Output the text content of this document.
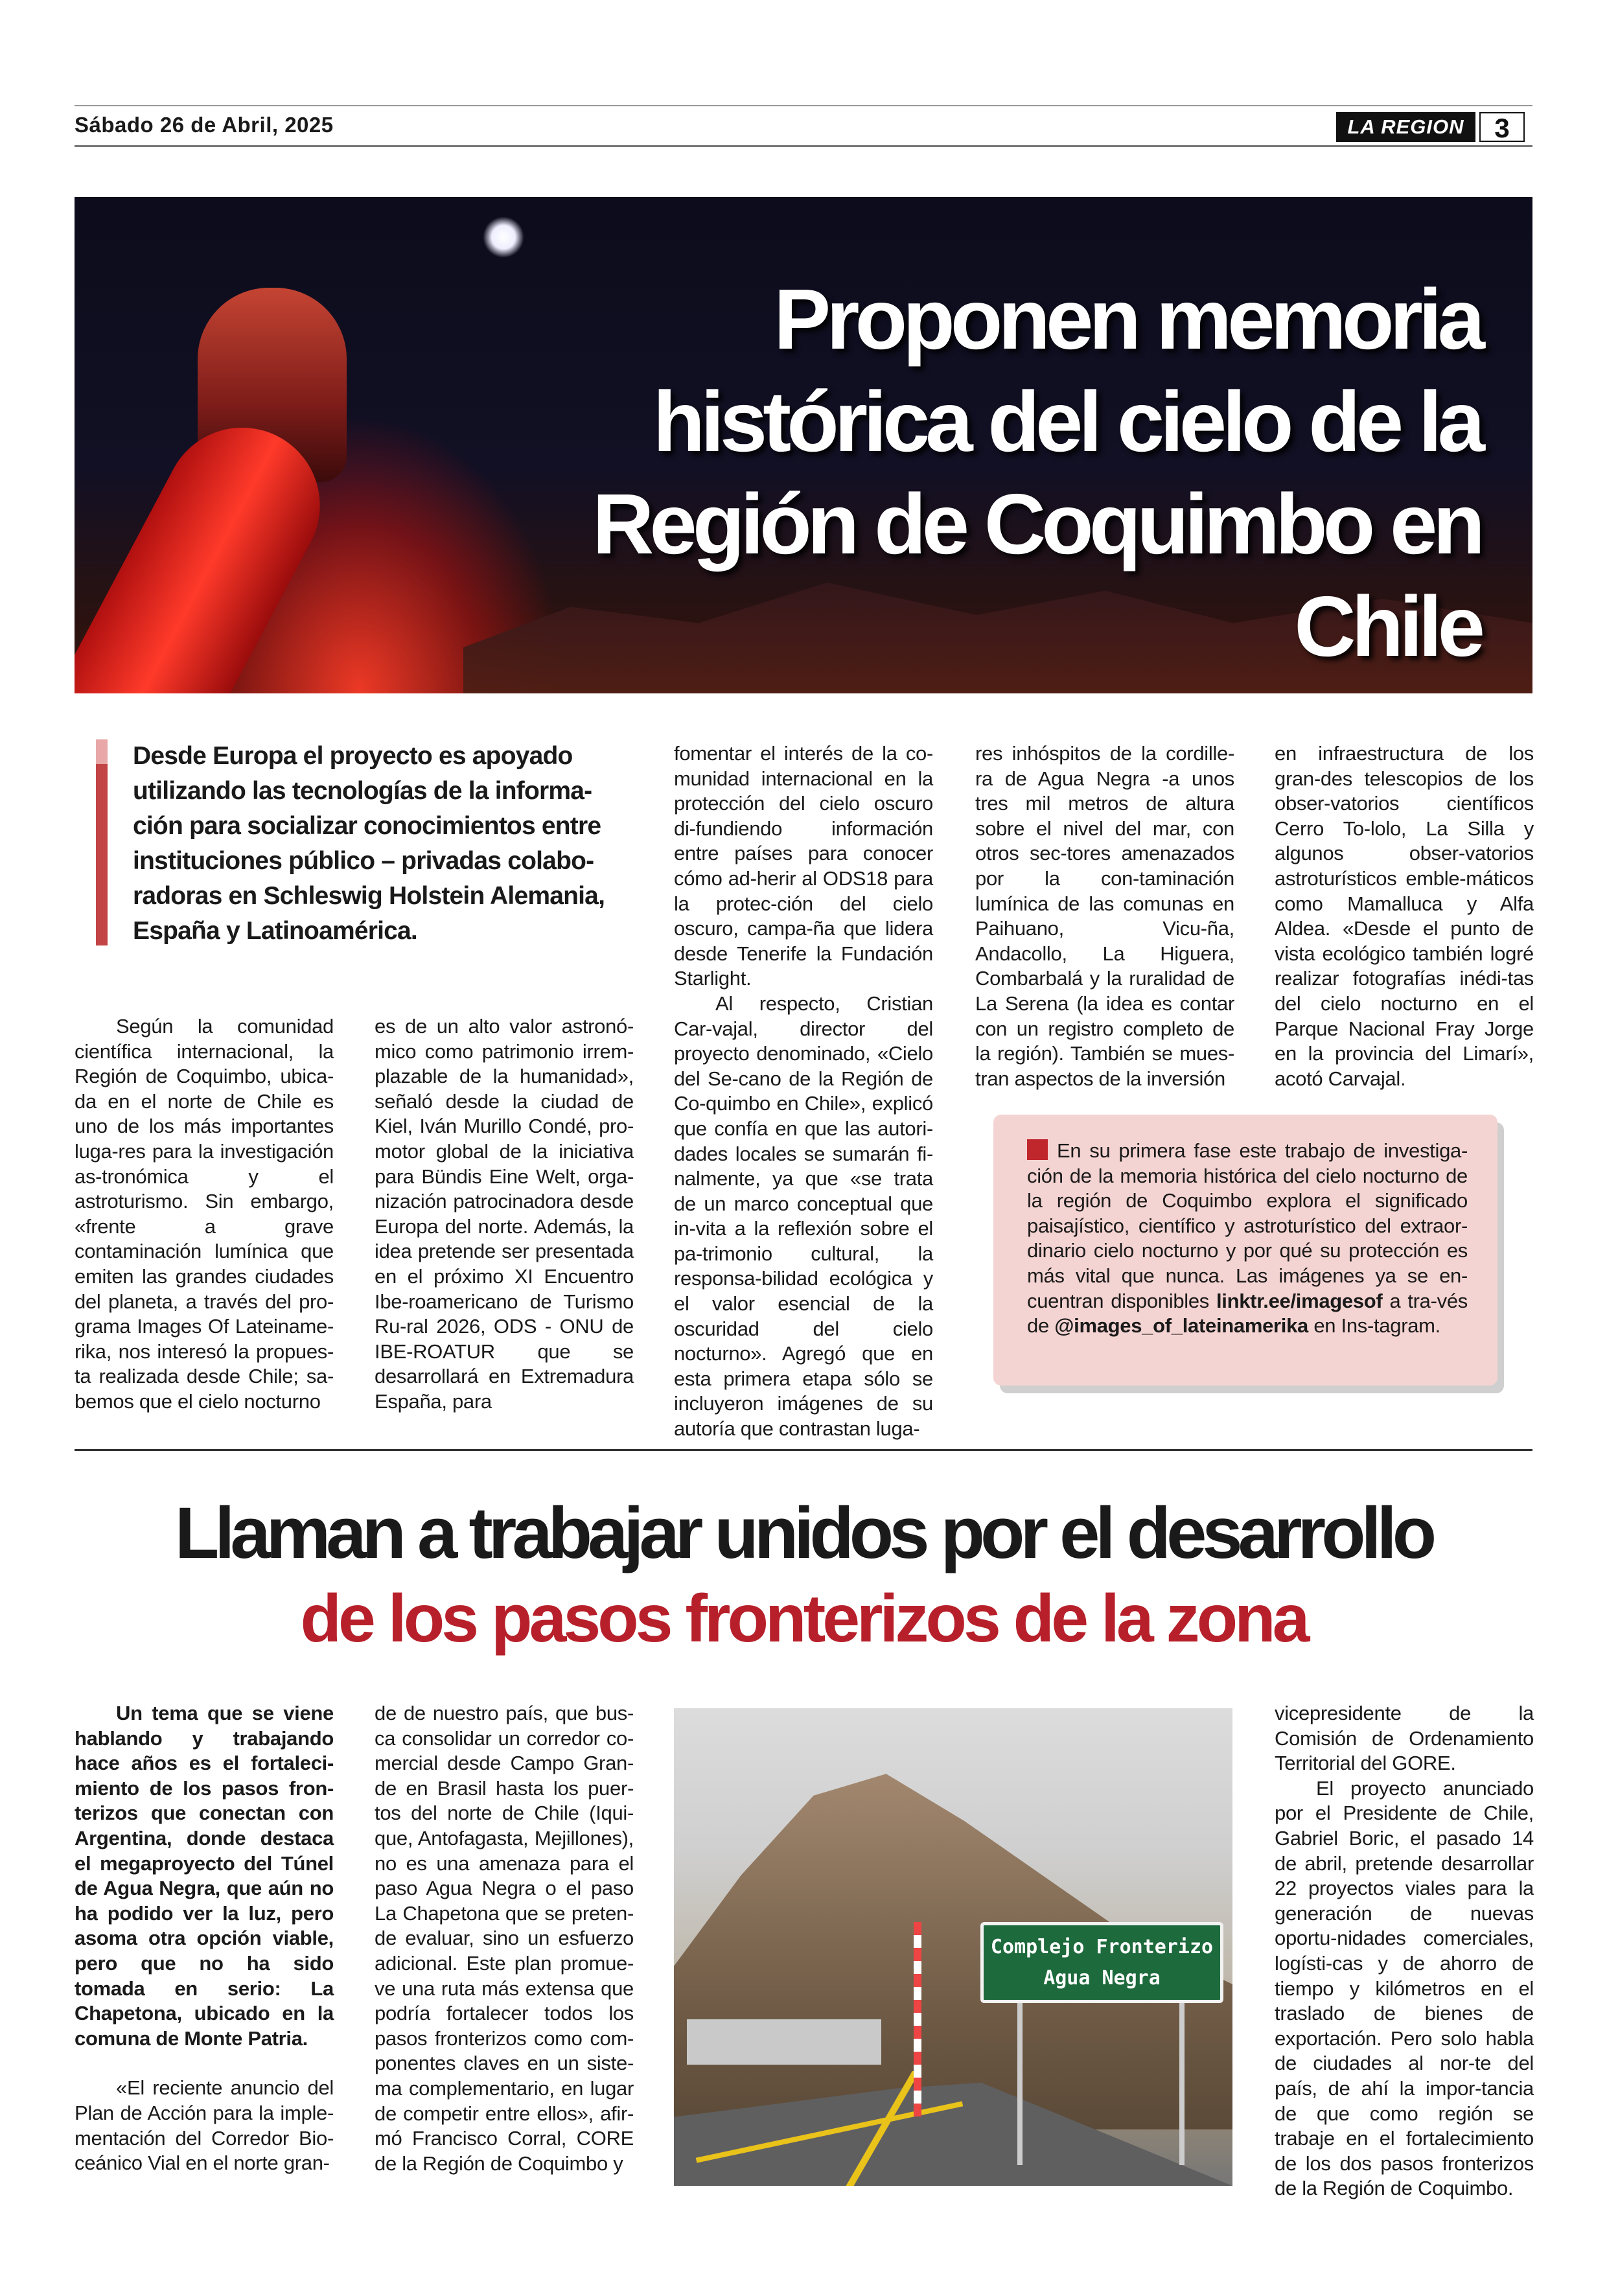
Sábado 26 de Abril, 2025	LA REGION	3
Proponen memoria histórica del cielo de la Región de Coquimbo en Chile
Desde Europa el proyecto es apoyado utilizando las tecnologías de la informa-ción para socializar conocimientos entre instituciones público – privadas colabo-radoras en Schleswig Holstein Alemania, España y Latinoamérica.

Según la comunidad científica internacional, la Región de Coquimbo, ubica-da en el norte de Chile es uno de los más importantes luga-res para la investigación as-tronómica y el astroturismo. Sin embargo, «frente a grave contaminación lumínica que emiten las grandes ciudades del planeta, a través del pro-grama Images Of Lateiname-rika, nos interesó la propues-ta realizada desde Chile; sa-bemos que el cielo nocturno

es de un alto valor astronó-mico como patrimonio irrem-plazable de la humanidad», señaló desde la ciudad de Kiel, Iván Murillo Condé, pro-motor global de la iniciativa para Bündis Eine Welt, orga-nización patrocinadora desde Europa del norte. Además, la idea pretende ser presentada en el próximo XI Encuentro Ibe-roamericano de Turismo Ru-ral 2026, ODS - ONU de IBE-ROATUR que se desarrollará en Extremadura España, para

fomentar el interés de la co-munidad internacional en la protección del cielo oscuro di-fundiendo información entre países para conocer cómo ad-herir al ODS18 para la protec-ción del cielo oscuro, campa-ña que lidera desde Tenerife la Fundación Starlight.

Al respecto, Cristian Car-vajal, director del proyecto denominado, «Cielo del Se-cano de la Región de Co-quimbo en Chile», explicó que confía en que las autori-dades locales se sumarán fi-nalmente, ya que «se trata de un marco conceptual que in-vita a la reflexión sobre el pa-trimonio cultural, la responsa-bilidad ecológica y el valor esencial de la oscuridad del cielo nocturno». Agregó que en esta primera etapa sólo se incluyeron imágenes de su autoría que contrastan luga-

res inhóspitos de la cordille-ra de Agua Negra -a unos tres mil metros de altura sobre el nivel del mar, con otros sec-tores amenazados por la con-taminación lumínica de las comunas en Paihuano, Vicu-ña, Andacollo, La Higuera, Combarbalá y la ruralidad de La Serena (la idea es contar con un registro completo de la región). También se mues-tran aspectos de la inversión

en infraestructura de los gran-des telescopios de los obser-vatorios científicos Cerro To-lolo, La Silla y algunos obser-vatorios astroturísticos emble-máticos como Mamalluca y Alfa Aldea. «Desde el punto de vista ecológico también logré realizar fotografías inédi-tas del cielo nocturno en el Parque Nacional Fray Jorge en la provincia del Limarí», acotó Carvajal.

En su primera fase este trabajo de investiga-ción de la memoria histórica del cielo nocturno de la región de Coquimbo explora el significado paisajístico, científico y astroturístico del extraor-dinario cielo nocturno y por qué su protección es más vital que nunca. Las imágenes ya se en-cuentran disponibles linktr.ee/imagesof a tra-vés de @images_of_lateinamerika en Ins-tagram.
Llaman a trabajar unidos por el desarrollo
de los pasos fronterizos de la zona

Un tema que se viene hablando y trabajando hace años es el fortaleci-miento de los pasos fron-terizos que conectan con Argentina, donde destaca el megaproyecto del Túnel de Agua Negra, que aún no ha podido ver la luz, pero asoma otra opción viable, pero que no ha sido tomada en serio: La Chapetona, ubicado en la comuna de Monte Patria.

«El reciente anuncio del Plan de Acción para la imple-mentación del Corredor Bio-ceánico Vial en el norte gran-

de de nuestro país, que bus-ca consolidar un corredor co-mercial desde Campo Gran-de en Brasil hasta los puer-tos del norte de Chile (Iqui-que, Antofagasta, Mejillones), no es una amenaza para el paso Agua Negra o el paso La Chapetona que se preten-de evaluar, sino un esfuerzo adicional. Este plan promue-ve una ruta más extensa que podría fortalecer todos los pasos fronterizos como com-ponentes claves en un siste-ma complementario, en lugar de competir entre ellos», afir-mó Francisco Corral, CORE de la Región de Coquimbo y

Complejo Fronterizo
Agua Negra

vicepresidente de la Comisión de Ordenamiento Territorial del GORE.

El proyecto anunciado por el Presidente de Chile, Gabriel Boric, el pasado 14 de abril, pretende desarrollar 22 proyectos viales para la generación de nuevas oportu-nidades comerciales, logísti-cas y de ahorro de tiempo y kilómetros en el traslado de bienes de exportación. Pero solo habla de ciudades al nor-te del país, de ahí la impor-tancia de que como región se trabaje en el fortalecimiento de los dos pasos fronterizos de la Región de Coquimbo.
